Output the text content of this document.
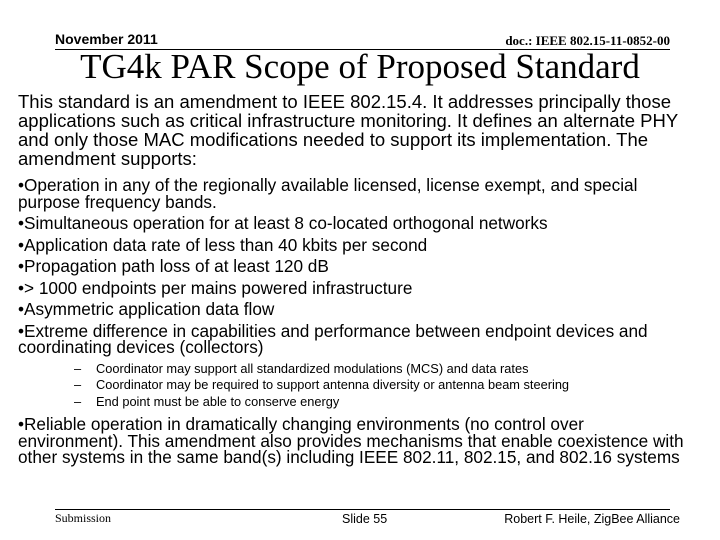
November 2011	doc.: IEEE 802.15-11-0852-00
TG4k PAR Scope of Proposed Standard

This standard is an amendment to IEEE 802.15.4. It addresses principally those applications such as critical infrastructure monitoring. It defines an alternate PHY and only those MAC modifications needed to support its implementation. The amendment supports:

•Operation in any of the regionally available licensed, license exempt, and special purpose frequency bands.

•Simultaneous operation for at least 8 co-located orthogonal networks

•Application data rate of less than 40 kbits per second

•Propagation path loss of at least 120 dB

•> 1000 endpoints per mains powered infrastructure

•Asymmetric application data flow

•Extreme difference in capabilities and performance between endpoint devices and coordinating devices (collectors)

– Coordinator may support all standardized modulations (MCS) and data rates
– Coordinator may be required to support antenna diversity or antenna beam steering
– End point must be able to conserve energy

•Reliable operation in dramatically changing environments (no control over environment). This amendment also provides mechanisms that enable coexistence with other systems in the same band(s) including IEEE 802.11, 802.15, and 802.16 systems

Submission	Slide 55	Robert F. Heile, ZigBee Alliance
